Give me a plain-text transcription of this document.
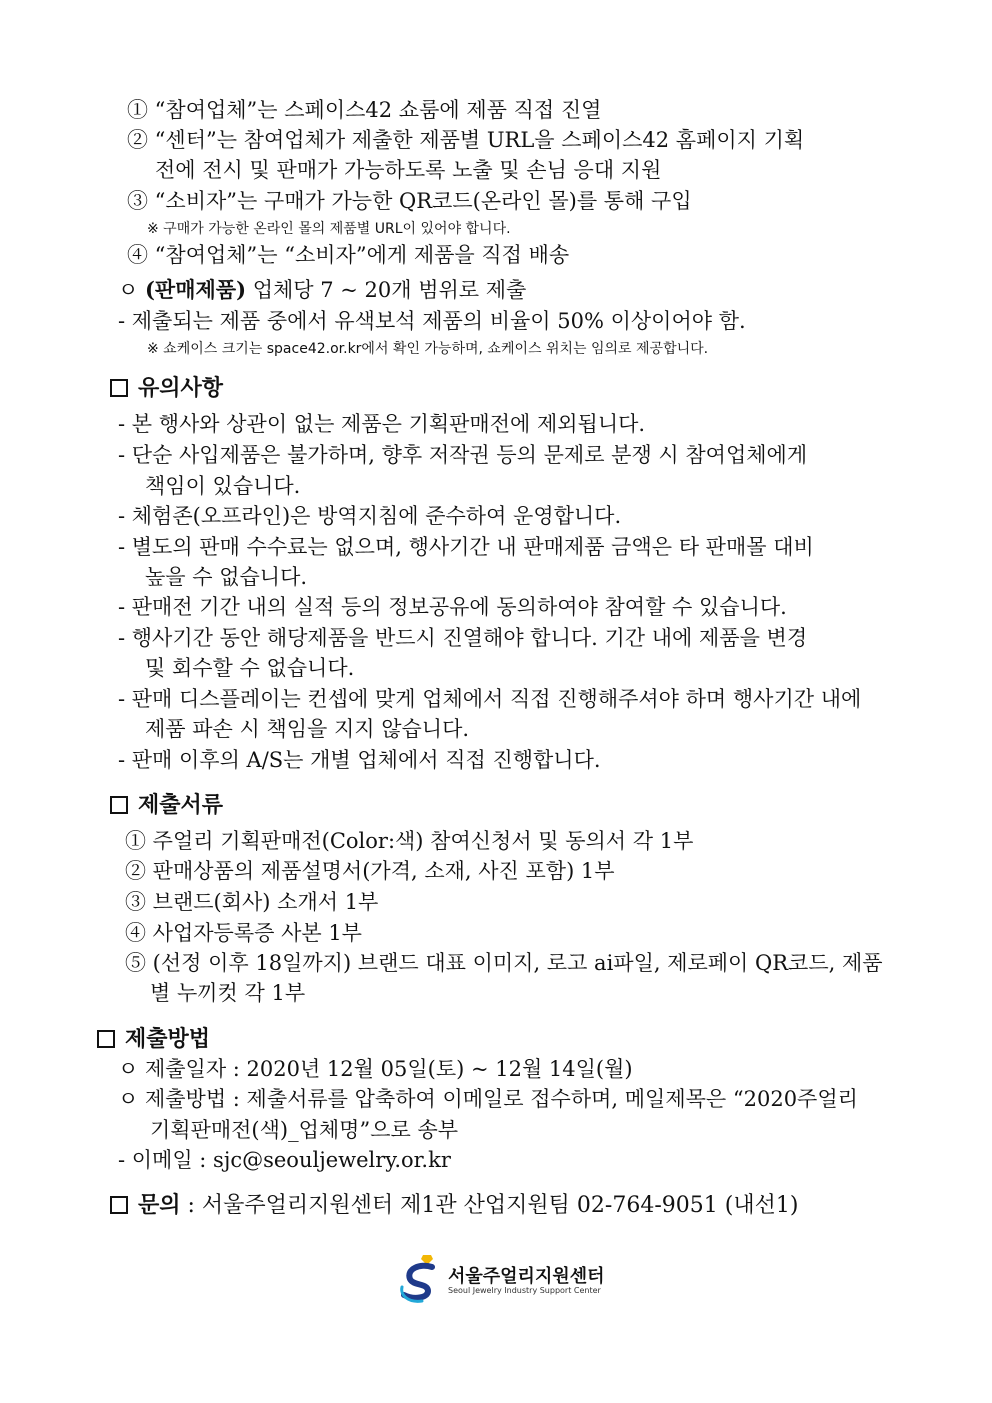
① “참여업체”는 스페이스42 쇼룸에 제품 직접 진열
② “센터”는 참여업체가 제출한 제품별 URL을 스페이스42 홈페이지 기획
전에 전시 및 판매가 가능하도록 노출 및 손님 응대 지원
③ “소비자”는 구매가 가능한 QR코드(온라인 몰)를 통해 구입
※ 구매가 가능한 온라인 몰의 제품별 URL이 있어야 합니다.
④ “참여업체”는 “소비자”에게 제품을 직접 배송
ㅇ (판매제품) 업체당 7 ~ 20개 범위로 제출
- 제출되는 제품 중에서 유색보석 제품의 비율이 50% 이상이어야 함.
※ 쇼케이스 크기는 space42.or.kr에서 확인 가능하며, 쇼케이스 위치는 임의로 제공합니다.
유의사항
- 본 행사와 상관이 없는 제품은 기획판매전에 제외됩니다.
- 단순 사입제품은 불가하며, 향후 저작권 등의 문제로 분쟁 시 참여업체에게
책임이 있습니다.
- 체험존(오프라인)은 방역지침에 준수하여 운영합니다.
- 별도의 판매 수수료는 없으며, 행사기간 내 판매제품 금액은 타 판매몰 대비
높을 수 없습니다.
- 판매전 기간 내의 실적 등의 정보공유에 동의하여야 참여할 수 있습니다.
- 행사기간 동안 해당제품을 반드시 진열해야 합니다. 기간 내에 제품을 변경
및 회수할 수 없습니다.
- 판매 디스플레이는 컨셉에 맞게 업체에서 직접 진행해주셔야 하며 행사기간 내에
제품 파손 시 책임을 지지 않습니다.
- 판매 이후의 A/S는 개별 업체에서 직접 진행합니다.
제출서류
① 주얼리 기획판매전(Color:색) 참여신청서 및 동의서 각 1부
② 판매상품의 제품설명서(가격, 소재, 사진 포함) 1부
③ 브랜드(회사) 소개서 1부
④ 사업자등록증 사본 1부
⑤ (선정 이후 18일까지) 브랜드 대표 이미지, 로고 ai파일, 제로페이 QR코드, 제품
별 누끼컷 각 1부
제출방법
ㅇ 제출일자 : 2020년 12월 05일(토) ~ 12월 14일(월)
ㅇ 제출방법 : 제출서류를 압축하여 이메일로 접수하며, 메일제목은 “2020주얼리
기획판매전(색)_업체명”으로 송부
- 이메일 : sjc@seouljewelry.or.kr
문의 : 서울주얼리지원센터 제1관 산업지원팀 02-764-9051 (내선1)
서울주얼리지원센터
Seoul Jewelry Industry Support Center
